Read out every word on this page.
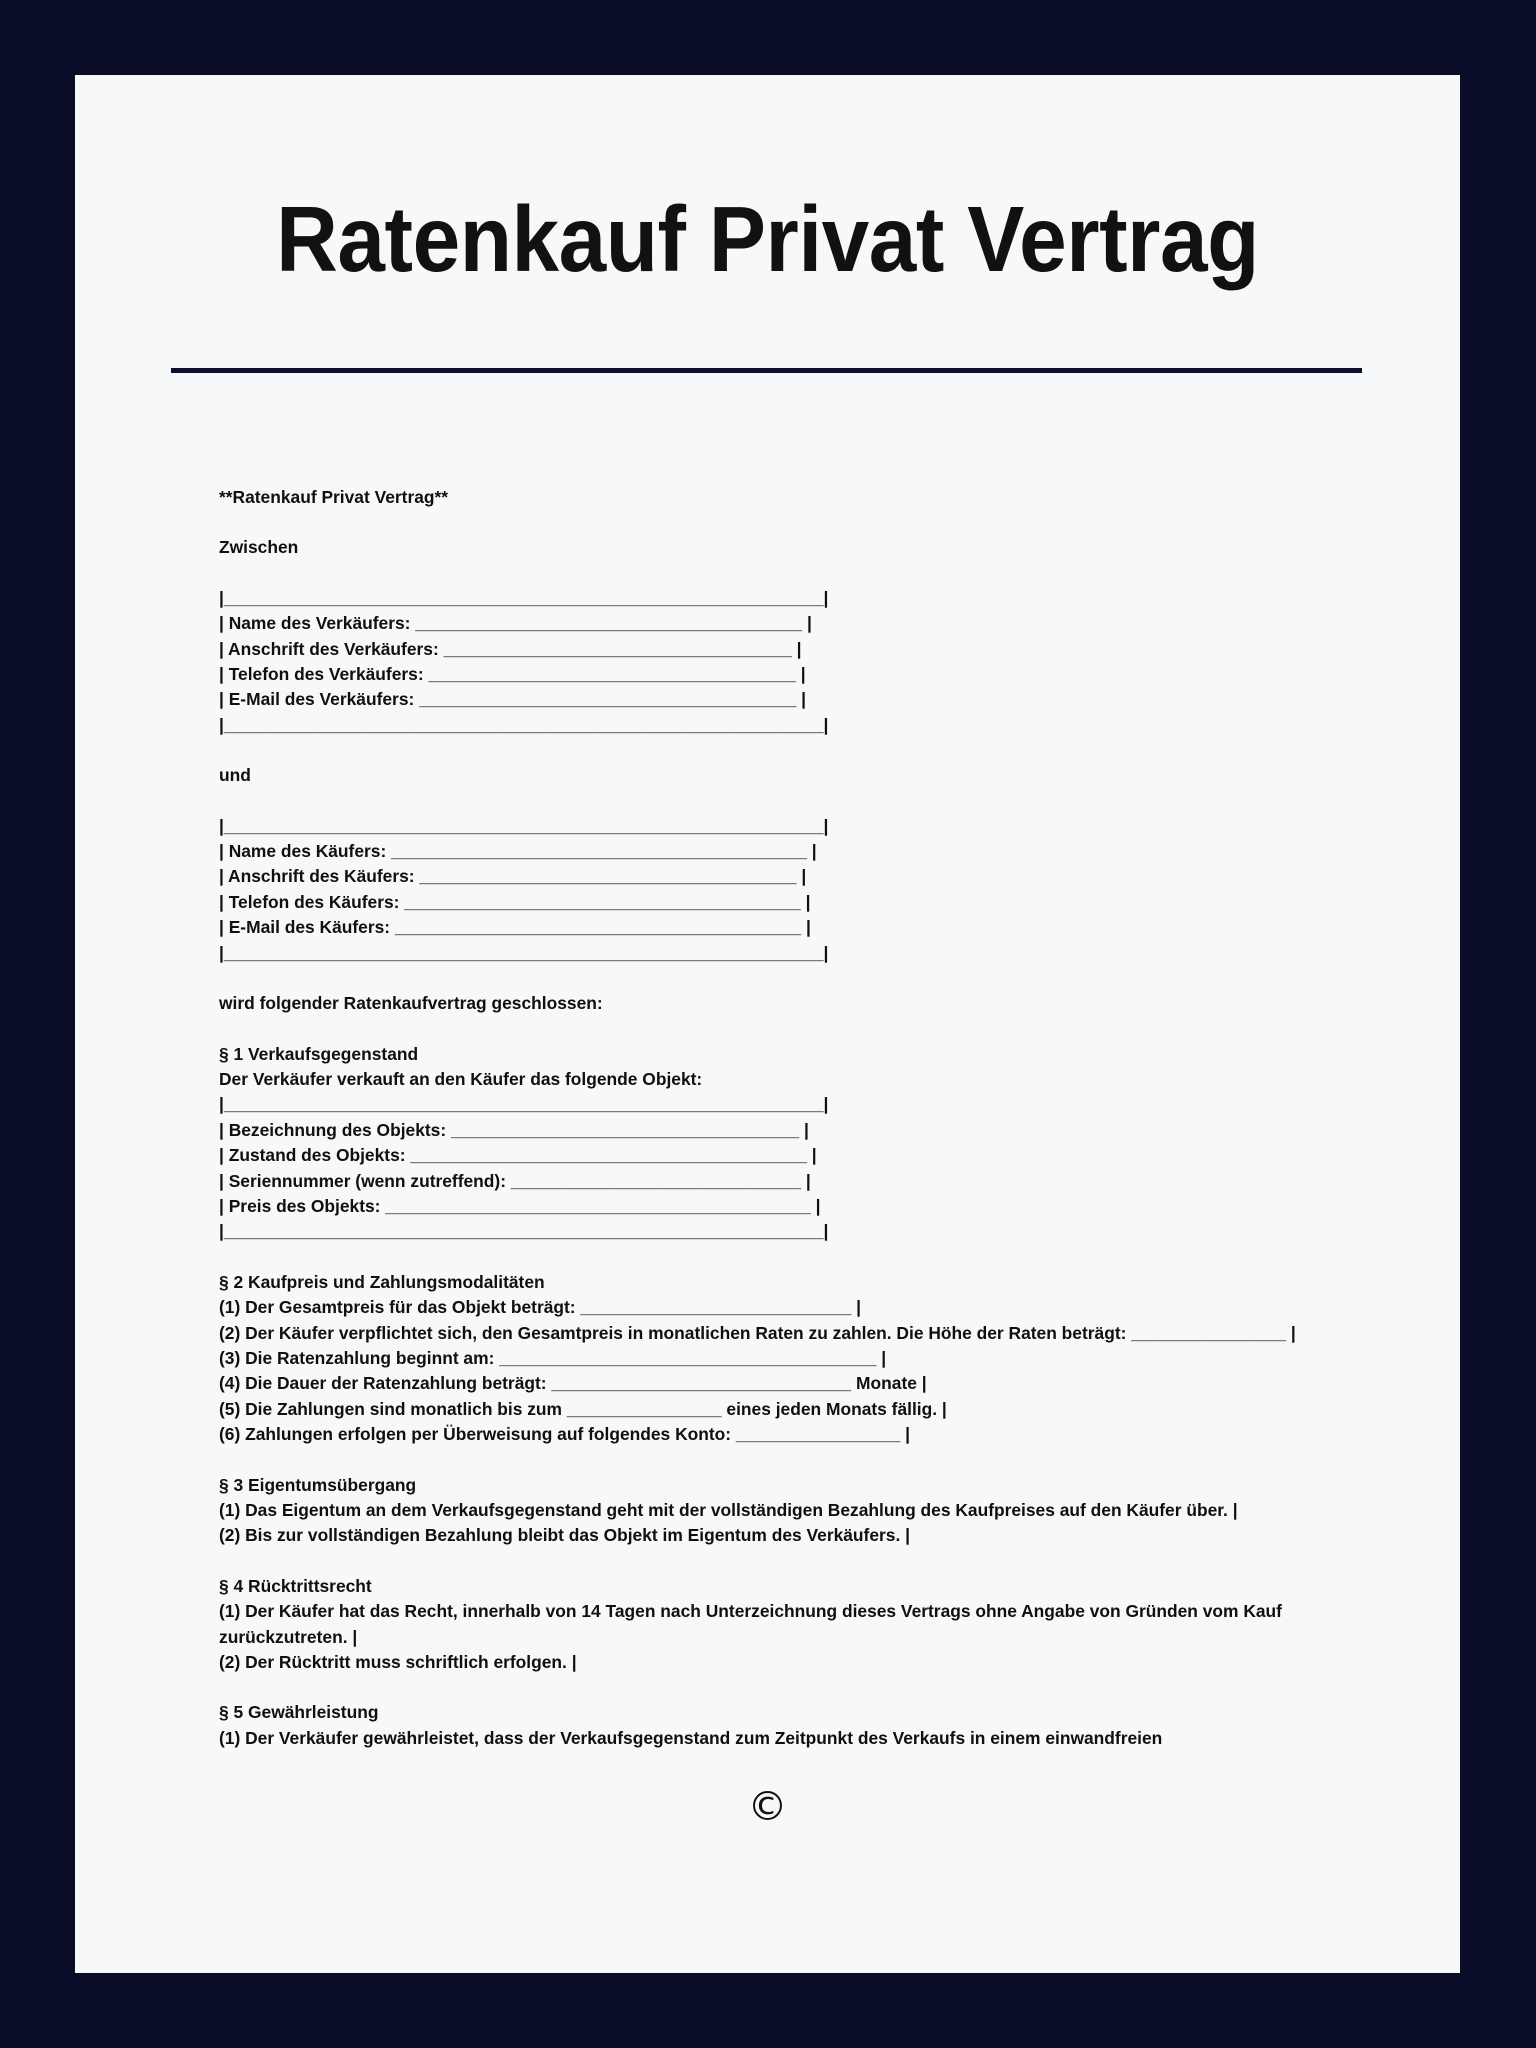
Ratenkauf Privat Vertrag
**Ratenkauf Privat Vertrag**
Zwischen
|______________________________________________________________|
| Name des Verkäufers: ________________________________________ |
| Anschrift des Verkäufers: ____________________________________ |
| Telefon des Verkäufers: ______________________________________ |
| E-Mail des Verkäufers: _______________________________________ |
|______________________________________________________________|
und
|______________________________________________________________|
| Name des Käufers: ___________________________________________ |
| Anschrift des Käufers: _______________________________________ |
| Telefon des Käufers: _________________________________________ |
| E-Mail des Käufers: __________________________________________ |
|______________________________________________________________|
wird folgender Ratenkaufvertrag geschlossen:
§ 1 Verkaufsgegenstand
Der Verkäufer verkauft an den Käufer das folgende Objekt:
|______________________________________________________________|
| Bezeichnung des Objekts: ____________________________________ |
| Zustand des Objekts: _________________________________________ |
| Seriennummer (wenn zutreffend): ______________________________ |
| Preis des Objekts: ____________________________________________ |
|______________________________________________________________|
§ 2 Kaufpreis und Zahlungsmodalitäten
(1) Der Gesamtpreis für das Objekt beträgt: ____________________________ |
(2) Der Käufer verpflichtet sich, den Gesamtpreis in monatlichen Raten zu zahlen. Die Höhe der Raten beträgt: ________________ |
(3) Die Ratenzahlung beginnt am: _______________________________________ |
(4) Die Dauer der Ratenzahlung beträgt: _______________________________ Monate |
(5) Die Zahlungen sind monatlich bis zum ________________ eines jeden Monats fällig. |
(6) Zahlungen erfolgen per Überweisung auf folgendes Konto: _________________ |
§ 3 Eigentumsübergang
(1) Das Eigentum an dem Verkaufsgegenstand geht mit der vollständigen Bezahlung des Kaufpreises auf den Käufer über. |
(2) Bis zur vollständigen Bezahlung bleibt das Objekt im Eigentum des Verkäufers. |
§ 4 Rücktrittsrecht
(1) Der Käufer hat das Recht, innerhalb von 14 Tagen nach Unterzeichnung dieses Vertrags ohne Angabe von Gründen vom Kauf zurückzutreten. |
(2) Der Rücktritt muss schriftlich erfolgen. |
§ 5 Gewährleistung
(1) Der Verkäufer gewährleistet, dass der Verkaufsgegenstand zum Zeitpunkt des Verkaufs in einem einwandfreien
©
